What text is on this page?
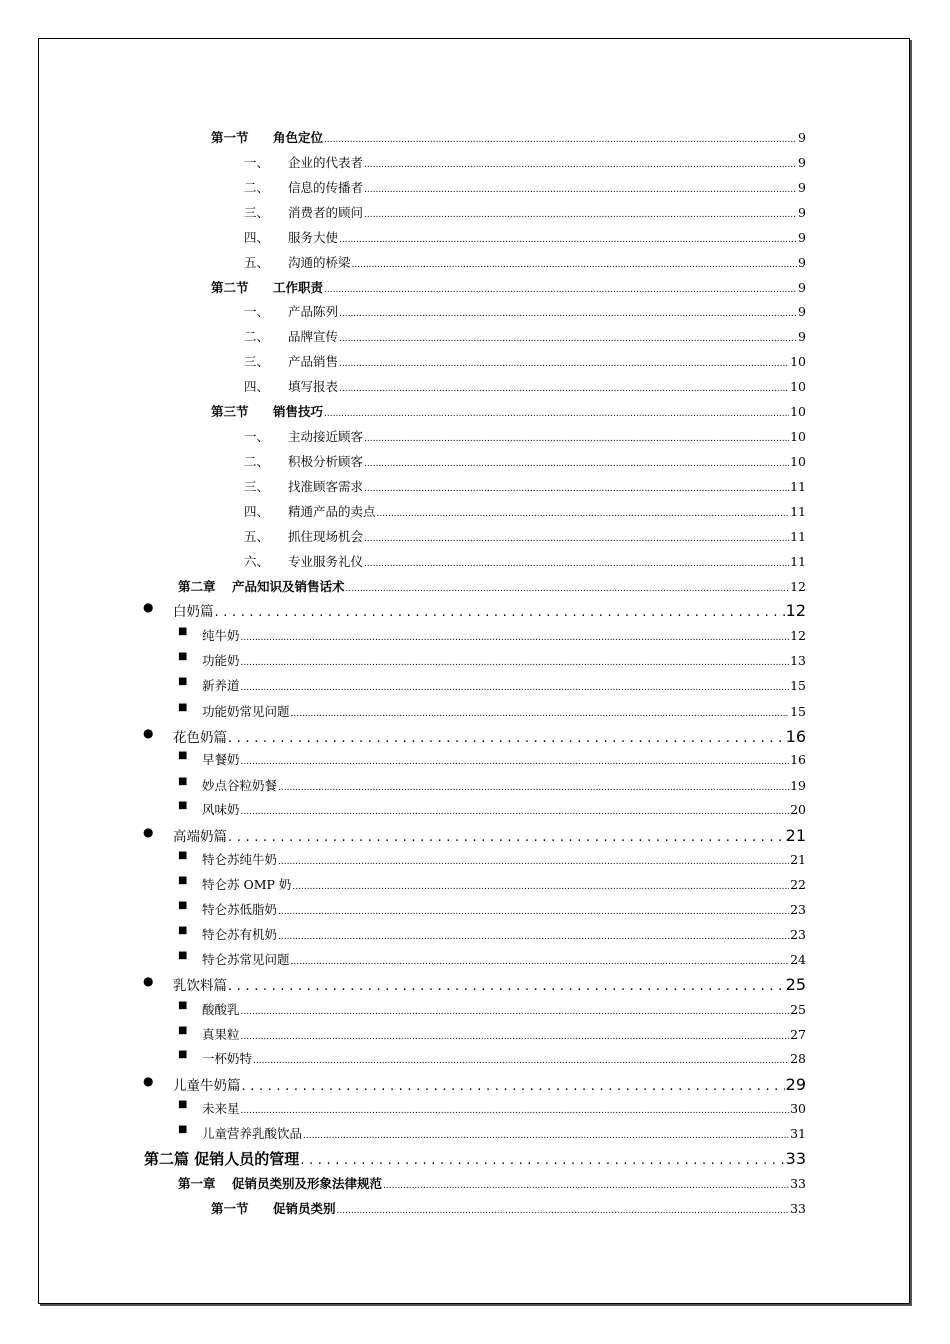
第一节 角色定位 .....	9
一、 企业的代表者 .....	9
二、 信息的传播者 .....	9
三、 消费者的顾问 .....	9
四、 服务大使 .....	9
五、 沟通的桥梁 .....	9
第二节 工作职责 .....	9
一、 产品陈列 .....	9
二、 品牌宣传 .....	9
三、 产品销售 .....	10
四、 填写报表 .....	10
第三节 销售技巧 .....	10
一、 主动接近顾客 .....	10
二、 积极分析顾客 .....	10
三、 找准顾客需求 .....	11
四、 精通产品的卖点 .....	11
五、 抓住现场机会 .....	11
六、 专业服务礼仪 .....	11
第二章 产品知识及销售话术 .....	12
● 白奶篇 .....	12
■ 纯牛奶 .....	12
■ 功能奶 .....	13
■ 新养道 .....	15
■ 功能奶常见问题 .....	15
● 花色奶篇 .....	16
■ 早餐奶 .....	16
■ 妙点谷粒奶餐 .....	19
■ 风味奶 .....	20
● 高端奶篇 .....	21
■ 特仑苏纯牛奶 .....	21
■ 特仑苏 OMP 奶 .....	22
■ 特仑苏低脂奶 .....	23
■ 特仑苏有机奶 .....	23
■ 特仑苏常见问题 .....	24
● 乳饮料篇 .....	25
■ 酸酸乳 .....	25
■ 真果粒 .....	27
■ 一杯奶特 .....	28
● 儿童牛奶篇 .....	29
■ 未来星 .....	30
■ 儿童营养乳酸饮品 .....	31
第二篇 促销人员的管理 .....	33
第一章 促销员类别及形象法律规范 .....	33
第一节 促销员类别 .....	33
